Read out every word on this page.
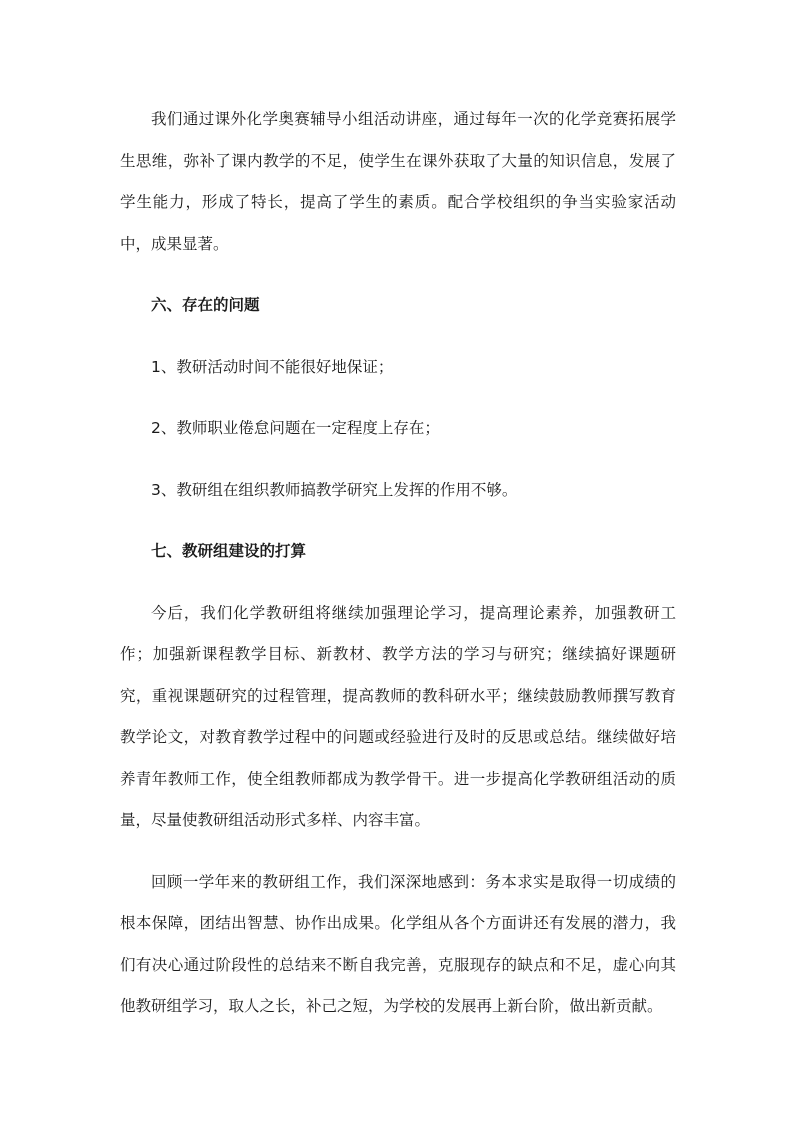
我们通过课外化学奥赛辅导小组活动讲座，通过每年一次的化学竞赛拓展学生思维，弥补了课内教学的不足，使学生在课外获取了大量的知识信息，发展了学生能力，形成了特长，提高了学生的素质。配合学校组织的争当实验家活动中，成果显著。

六、存在的问题

1、教研活动时间不能很好地保证；

2、教师职业倦怠问题在一定程度上存在；

3、教研组在组织教师搞教学研究上发挥的作用不够。

七、教研组建设的打算

今后，我们化学教研组将继续加强理论学习，提高理论素养，加强教研工作；加强新课程教学目标、新教材、教学方法的学习与研究；继续搞好课题研究，重视课题研究的过程管理，提高教师的教科研水平；继续鼓励教师撰写教育教学论文，对教育教学过程中的问题或经验进行及时的反思或总结。继续做好培养青年教师工作，使全组教师都成为教学骨干。进一步提高化学教研组活动的质量，尽量使教研组活动形式多样、内容丰富。

回顾一学年来的教研组工作，我们深深地感到：务本求实是取得一切成绩的根本保障，团结出智慧、协作出成果。化学组从各个方面讲还有发展的潜力，我们有决心通过阶段性的总结来不断自我完善，克服现存的缺点和不足，虚心向其他教研组学习，取人之长，补己之短，为学校的发展再上新台阶，做出新贡献。
